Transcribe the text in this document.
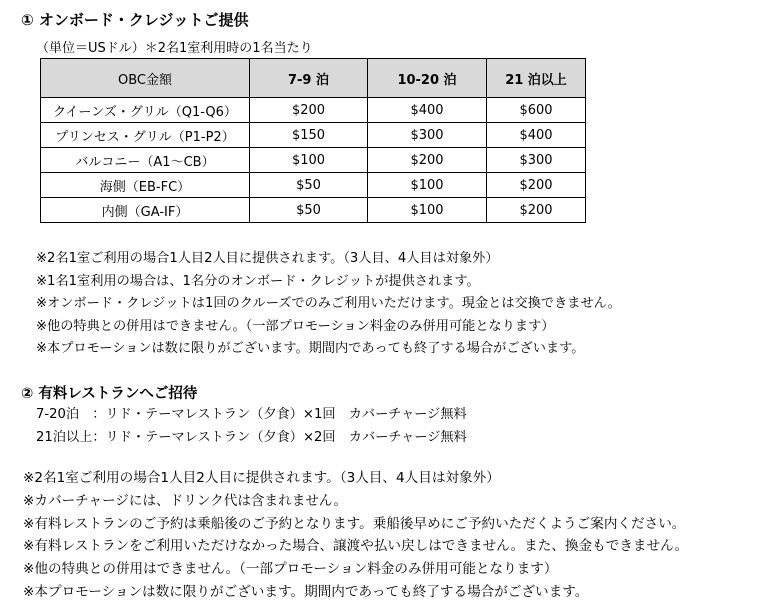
① オンボード・クレジットご提供
（単位＝USドル）＊2名1室利用時の1名当たり
OBC金額	7-9 泊	10-20 泊	21 泊以上
クイーンズ・グリル（Q1-Q6）	$200	$400	$600
プリンセス・グリル（P1-P2）	$150	$300	$400
バルコニー（A1～CB）	$100	$200	$300
海側（EB-FC）	$50	$100	$200
内側（GA-IF）	$50	$100	$200
※2名1室ご利用の場合1人目2人目に提供されます。（3人目、4人目は対象外）
※1名1室利用の場合は、1名分のオンボード・クレジットが提供されます。
※オンボード・クレジットは1回のクルーズでのみご利用いただけます。現金とは交換できません。
※他の特典との併用はできません。（一部プロモーション料金のみ併用可能となります）
※本プロモーションは数に限りがございます。期間内であっても終了する場合がございます。
② 有料レストランへご招待
7-20泊　：リド・テーマレストラン（夕食）×1回　カバーチャージ無料
21泊以上：リド・テーマレストラン（夕食）×2回　カバーチャージ無料
※2名1室ご利用の場合1人目2人目に提供されます。（3人目、4人目は対象外）
※カバーチャージには、ドリンク代は含まれません。
※有料レストランのご予約は乗船後のご予約となります。乗船後早めにご予約いただくようご案内ください。
※有料レストランをご利用いただけなかった場合、譲渡や払い戻しはできません。また、換金もできません。
※他の特典との併用はできません。（一部プロモーション料金のみ併用可能となります）
※本プロモーションは数に限りがございます。期間内であっても終了する場合がございます。
